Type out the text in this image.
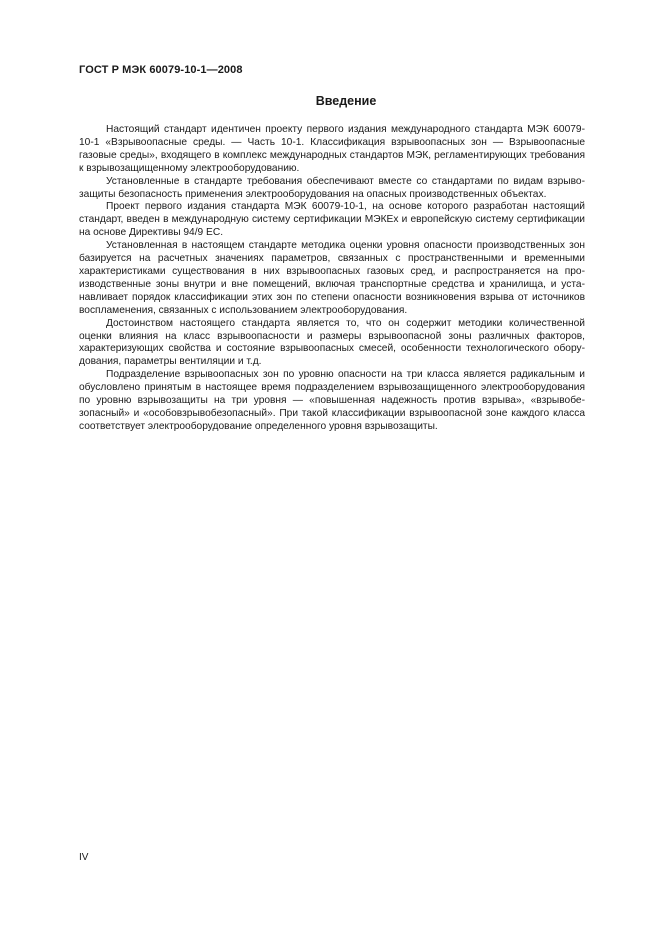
ГОСТ Р МЭК 60079-10-1—2008
Введение

Настоящий стандарт идентичен проекту первого издания международного стандарта МЭК 60079-10-1 «Взрывоопасные среды. — Часть 10-1. Классификация взрывоопасных зон — Взрывоопасные газовые среды», входящего в комплекс международных стандартов МЭК, регламентирующих требования к взрывозащищенному электрооборудованию.

Установленные в стандарте требования обеспечивают вместе со стандартами по видам взрывозащиты безопасность применения электрооборудования на опасных производственных объектах.

Проект первого издания стандарта МЭК 60079-10-1, на основе которого разработан настоящий стандарт, введен в международную систему сертификации МЭКЕх и европейскую систему сертификации на основе Директивы 94/9 ЕС.

Установленная в настоящем стандарте методика оценки уровня опасности производственных зон базируется на расчетных значениях параметров, связанных с пространственными и временными характеристиками существования в них взрывоопасных газовых сред, и распространяется на производственные зоны внутри и вне помещений, включая транспортные средства и хранилища, и устанавливает порядок классификации этих зон по степени опасности возникновения взрыва от источников воспламенения, связанных с использованием электрооборудования.

Достоинством настоящего стандарта является то, что он содержит методики количественной оценки влияния на класс взрывоопасности и размеры взрывоопасной зоны различных факторов, характеризующих свойства и состояние взрывоопасных смесей, особенности технологического оборудования, параметры вентиляции и т.д.

Подразделение взрывоопасных зон по уровню опасности на три класса является радикальным и обусловлено принятым в настоящее время подразделением взрывозащищенного электрооборудования по уровню взрывозащиты на три уровня — «повышенная надежность против взрыва», «взрывобезопасный» и «особовзрывобезопасный». При такой классификации взрывоопасной зоне каждого класса соответствует электрооборудование определенного уровня взрывозащиты.

IV
